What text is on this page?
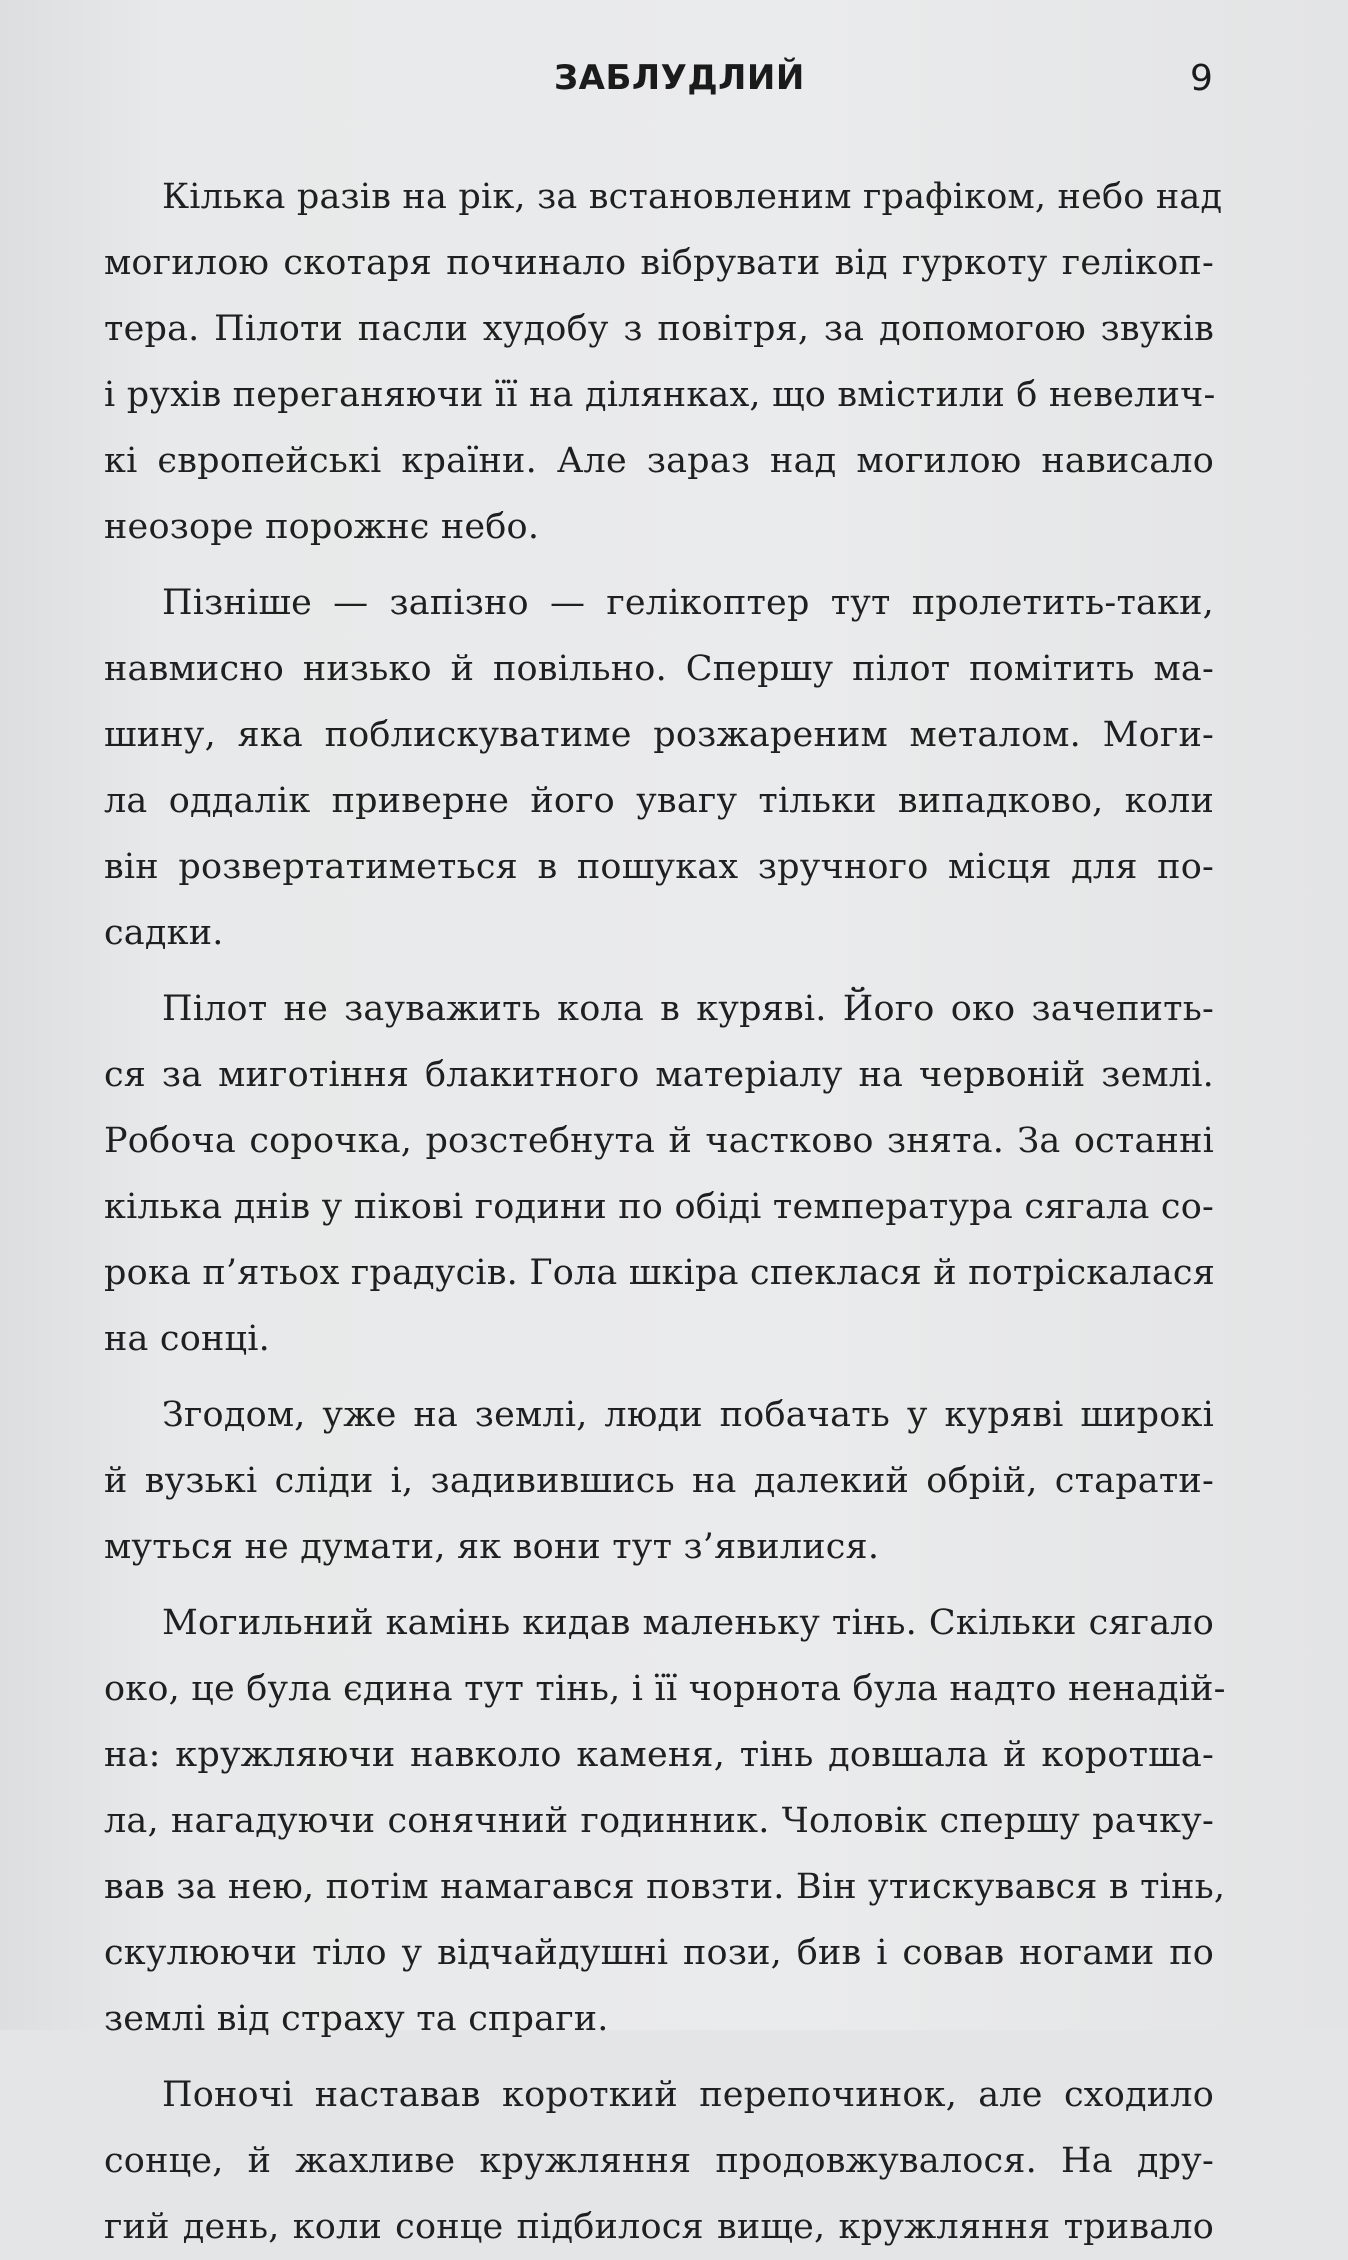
ЗАБЛУДЛИЙ	9
Кілька разів на рік, за встановленим графіком, небо над
могилою скотаря починало вібрувати від гуркоту гелікоп-
тера. Пілоти пасли худобу з повітря, за допомогою звуків
і рухів переганяючи її на ділянках, що вмістили б невелич-
кі європейські країни. Але зараз над могилою нависало
неозоре порожнє небо.
Пізніше — запізно — гелікоптер тут пролетить-таки,
навмисно низько й повільно. Спершу пілот помітить ма-
шину, яка поблискуватиме розжареним металом. Моги-
ла оддалік приверне його увагу тільки випадково, коли
він розвертатиметься в пошуках зручного місця для по-
садки.
Пілот не зауважить кола в куряві. Його око зачепить-
ся за миготіння блакитного матеріалу на червоній землі.
Робоча сорочка, розстебнута й частково знята. За останні
кілька днів у пікові години по обіді температура сягала со-
рока п’ятьох градусів. Гола шкіра спеклася й потріскалася
на сонці.
Згодом, уже на землі, люди побачать у куряві широкі
й вузькі сліди і, задивившись на далекий обрій, старати-
муться не думати, як вони тут з’явилися.
Могильний камінь кидав маленьку тінь. Скільки сягало
око, це була єдина тут тінь, і її чорнота була надто ненадій-
на: кружляючи навколо каменя, тінь довшала й коротша-
ла, нагадуючи сонячний годинник. Чоловік спершу рачку-
вав за нею, потім намагався повзти. Він утискувався в тінь,
скулюючи тіло у відчайдушні пози, бив і совав ногами по
землі від страху та спраги.
Поночі наставав короткий перепочинок, але сходило
сонце, й жахливе кружляння продовжувалося. На дру-
гий день, коли сонце підбилося вище, кружляння тривало
